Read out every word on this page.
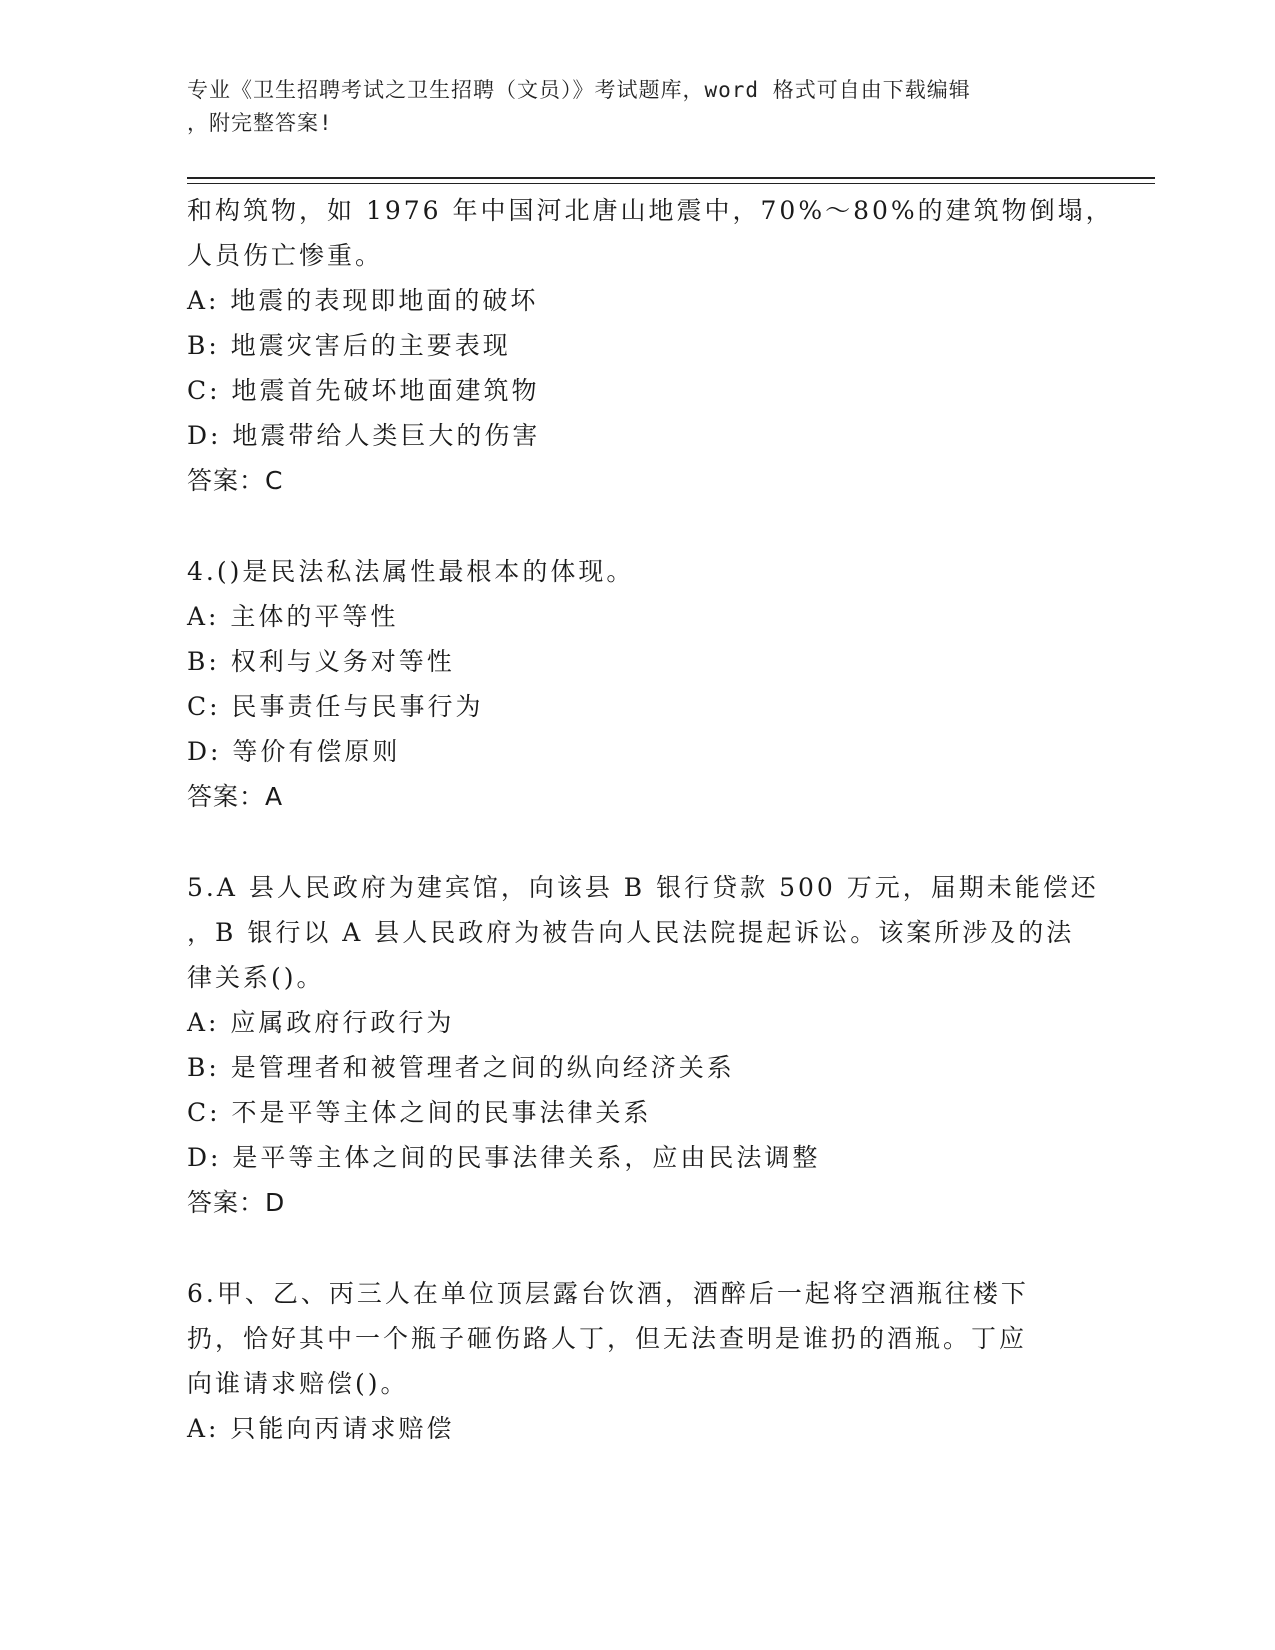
专业《卫生招聘考试之卫生招聘（文员）》考试题库，word 格式可自由下载编辑
，附完整答案!
和构筑物，如 1976 年中国河北唐山地震中，70%～80%的建筑物倒塌，
人员伤亡惨重。
A: 地震的表现即地面的破坏
B: 地震灾害后的主要表现
C: 地震首先破坏地面建筑物
D: 地震带给人类巨大的伤害
答案：C
4.()是民法私法属性最根本的体现。
A: 主体的平等性
B: 权利与义务对等性
C: 民事责任与民事行为
D: 等价有偿原则
答案：A
5.A 县人民政府为建宾馆，向该县 B 银行贷款 500 万元，届期未能偿还
，B 银行以 A 县人民政府为被告向人民法院提起诉讼。该案所涉及的法
律关系()。
A: 应属政府行政行为
B: 是管理者和被管理者之间的纵向经济关系
C: 不是平等主体之间的民事法律关系
D: 是平等主体之间的民事法律关系，应由民法调整
答案：D
6.甲、乙、丙三人在单位顶层露台饮酒，酒醉后一起将空酒瓶往楼下
扔，恰好其中一个瓶子砸伤路人丁，但无法查明是谁扔的酒瓶。丁应
向谁请求赔偿()。
A: 只能向丙请求赔偿
